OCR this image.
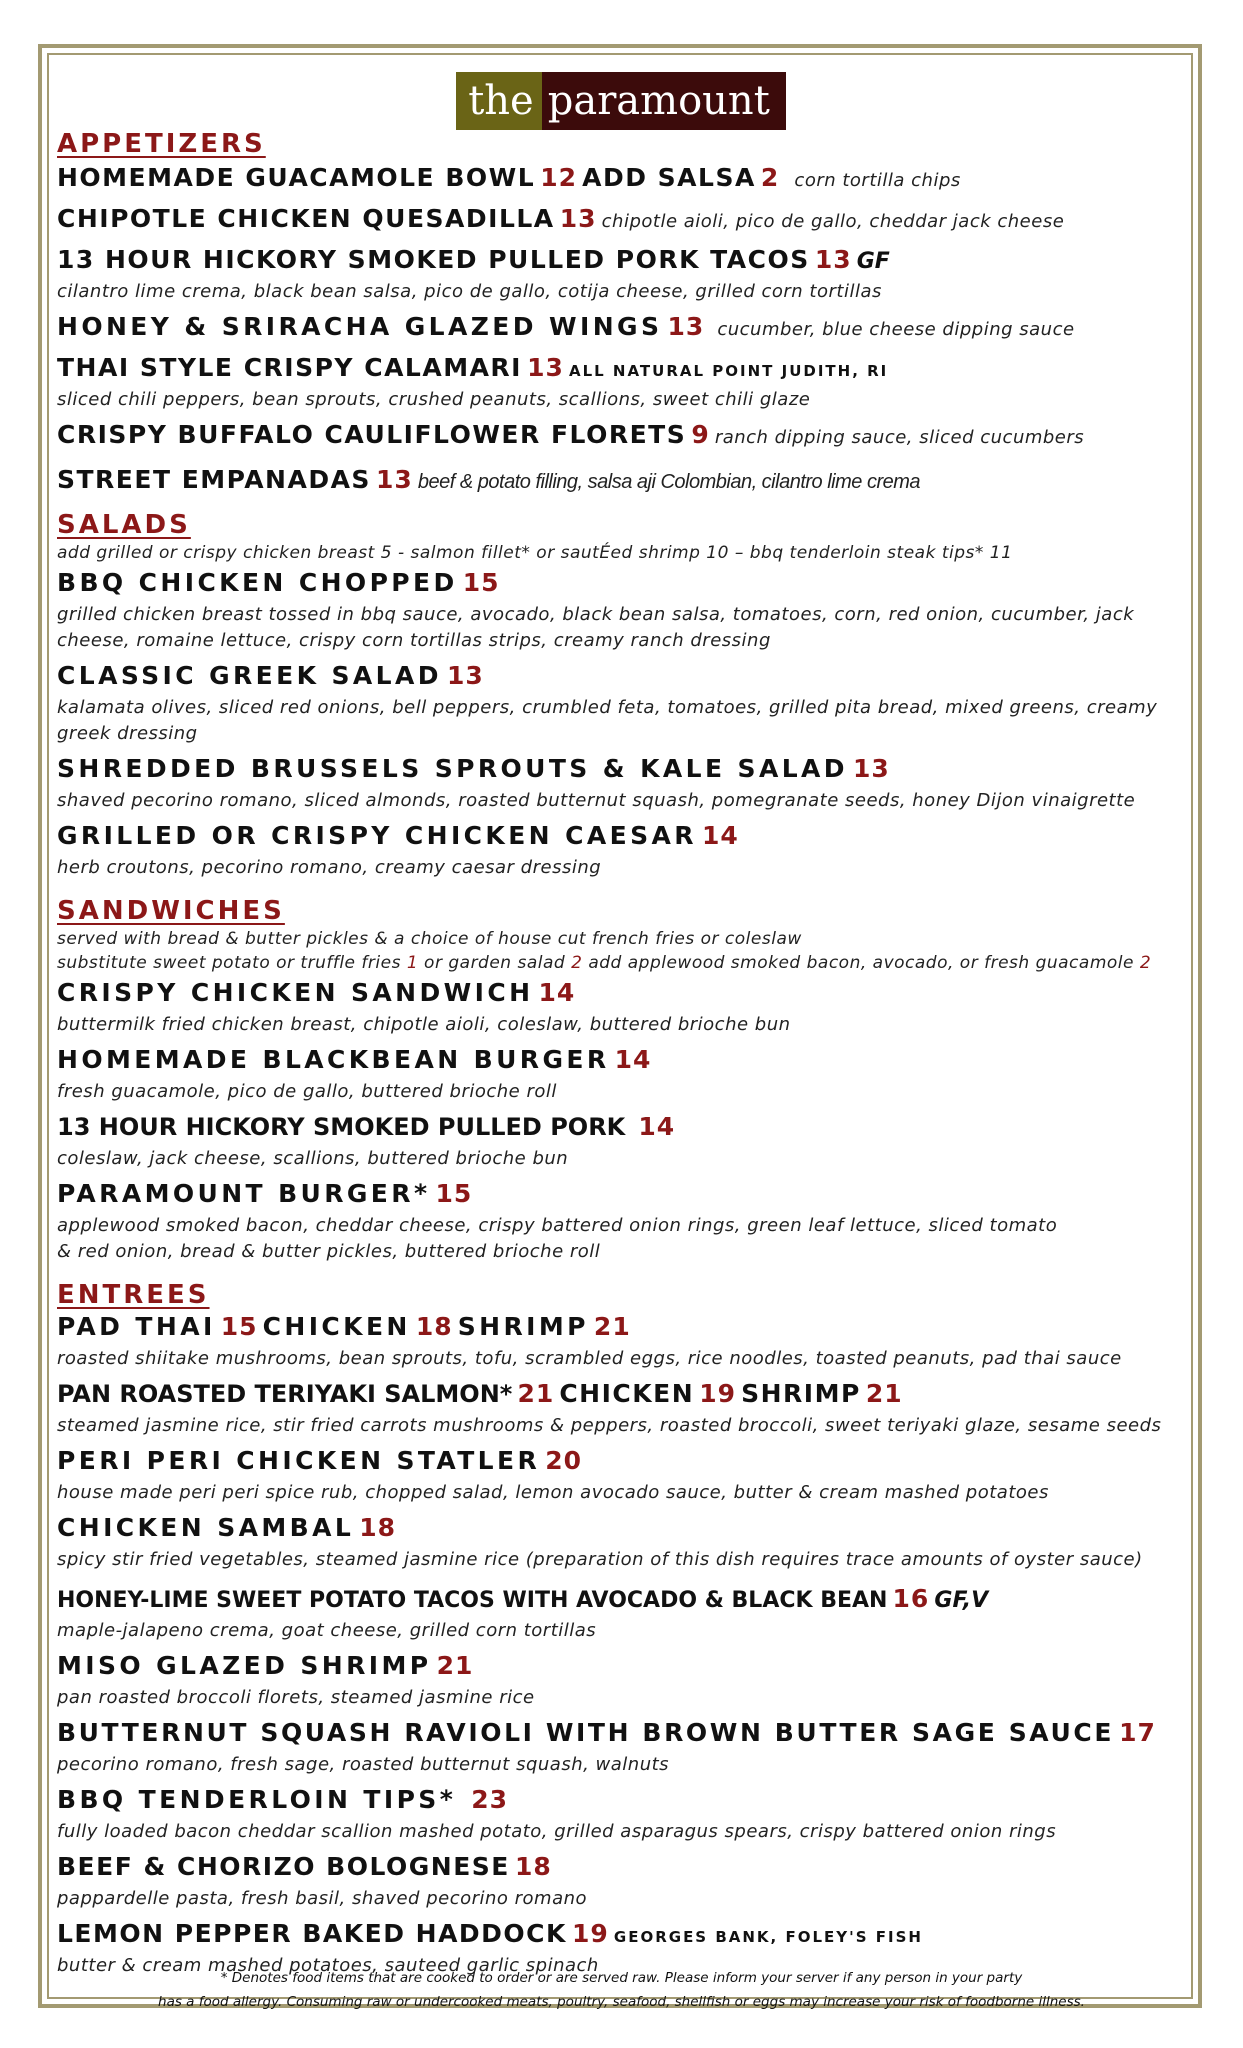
the paramount
APPETIZERS
HOMEMADE GUACAMOLE BOWL 12 ADD SALSA 2 corn tortilla chips
CHIPOTLE CHICKEN QUESADILLA 13 chipotle aioli, pico de gallo, cheddar jack cheese
13 HOUR HICKORY SMOKED PULLED PORK TACOS 13 GF
cilantro lime crema, black bean salsa, pico de gallo, cotija cheese, grilled corn tortillas
HONEY & SRIRACHA GLAZED WINGS 13 cucumber, blue cheese dipping sauce
THAI STYLE CRISPY CALAMARI 13 ALL NATURAL POINT JUDITH, RI
sliced chili peppers, bean sprouts, crushed peanuts, scallions, sweet chili glaze
CRISPY BUFFALO CAULIFLOWER FLORETS 9 ranch dipping sauce, sliced cucumbers
STREET EMPANADAS 13 beef & potato filling, salsa aji Colombian, cilantro lime crema
SALADS
add grilled or crispy chicken breast 5 - salmon fillet* or sautÉed shrimp 10 – bbq tenderloin steak tips* 11
BBQ CHICKEN CHOPPED 15
grilled chicken breast tossed in bbq sauce, avocado, black bean salsa, tomatoes, corn, red onion, cucumber, jack
cheese, romaine lettuce, crispy corn tortillas strips, creamy ranch dressing
CLASSIC GREEK SALAD 13
kalamata olives, sliced red onions, bell peppers, crumbled feta, tomatoes, grilled pita bread, mixed greens, creamy
greek dressing
SHREDDED BRUSSELS SPROUTS & KALE SALAD 13
shaved pecorino romano, sliced almonds, roasted butternut squash, pomegranate seeds, honey Dijon vinaigrette
GRILLED OR CRISPY CHICKEN CAESAR 14
herb croutons, pecorino romano, creamy caesar dressing
SANDWICHES
served with bread & butter pickles & a choice of house cut french fries or coleslaw
substitute sweet potato or truffle fries 1 or garden salad 2 add applewood smoked bacon, avocado, or fresh guacamole 2
CRISPY CHICKEN SANDWICH 14
buttermilk fried chicken breast, chipotle aioli, coleslaw, buttered brioche bun
HOMEMADE BLACKBEAN BURGER 14
fresh guacamole, pico de gallo, buttered brioche roll
13 HOUR HICKORY SMOKED PULLED PORK 14
coleslaw, jack cheese, scallions, buttered brioche bun
PARAMOUNT BURGER* 15
applewood smoked bacon, cheddar cheese, crispy battered onion rings, green leaf lettuce, sliced tomato
& red onion, bread & butter pickles, buttered brioche roll
ENTREES
PAD THAI 15 CHICKEN 18 SHRIMP 21
roasted shiitake mushrooms, bean sprouts, tofu, scrambled eggs, rice noodles, toasted peanuts, pad thai sauce
PAN ROASTED TERIYAKI SALMON* 21 CHICKEN 19 SHRIMP 21
steamed jasmine rice, stir fried carrots mushrooms & peppers, roasted broccoli, sweet teriyaki glaze, sesame seeds
PERI PERI CHICKEN STATLER 20
house made peri peri spice rub, chopped salad, lemon avocado sauce, butter & cream mashed potatoes
CHICKEN SAMBAL 18
spicy stir fried vegetables, steamed jasmine rice (preparation of this dish requires trace amounts of oyster sauce)
HONEY-LIME SWEET POTATO TACOS WITH AVOCADO & BLACK BEAN 16 GF,V
maple-jalapeno crema, goat cheese, grilled corn tortillas
MISO GLAZED SHRIMP 21
pan roasted broccoli florets, steamed jasmine rice
BUTTERNUT SQUASH RAVIOLI WITH BROWN BUTTER SAGE SAUCE 17
pecorino romano, fresh sage, roasted butternut squash, walnuts
BBQ TENDERLOIN TIPS* 23
fully loaded bacon cheddar scallion mashed potato, grilled asparagus spears, crispy battered onion rings
BEEF & CHORIZO BOLOGNESE 18
pappardelle pasta, fresh basil, shaved pecorino romano
LEMON PEPPER BAKED HADDOCK 19 GEORGES BANK, FOLEY'S FISH
butter & cream mashed potatoes, sauteed garlic spinach
* Denotes food items that are cooked to order or are served raw. Please inform your server if any person in your party
has a food allergy. Consuming raw or undercooked meats, poultry, seafood, shellfish or eggs may increase your risk of foodborne illness.
